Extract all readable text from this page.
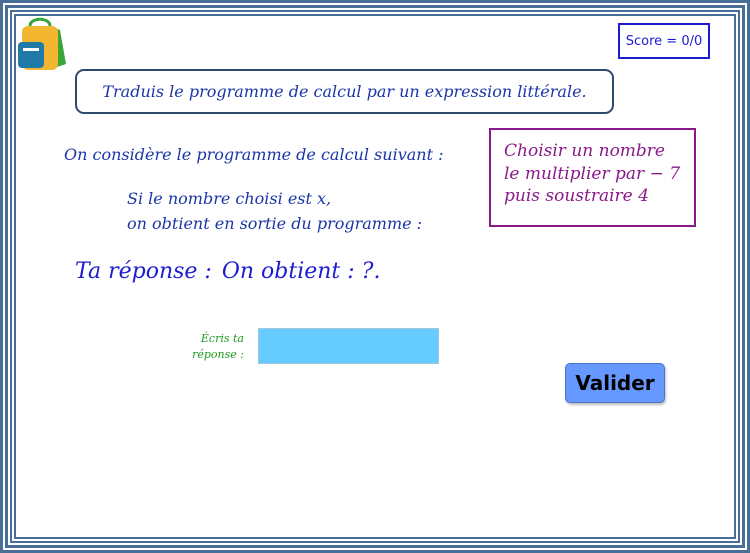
Score = 0/0
Traduis le programme de calcul par un expression littérale.
On considère le programme de calcul suivant :	Choisir un nombre
le multiplier par − 7
puis soustraire 4
Si le nombre choisi est x,
on obtient en sortie du programme :
Ta réponse : On obtient : ?.
Écris ta
réponse :
Valider
